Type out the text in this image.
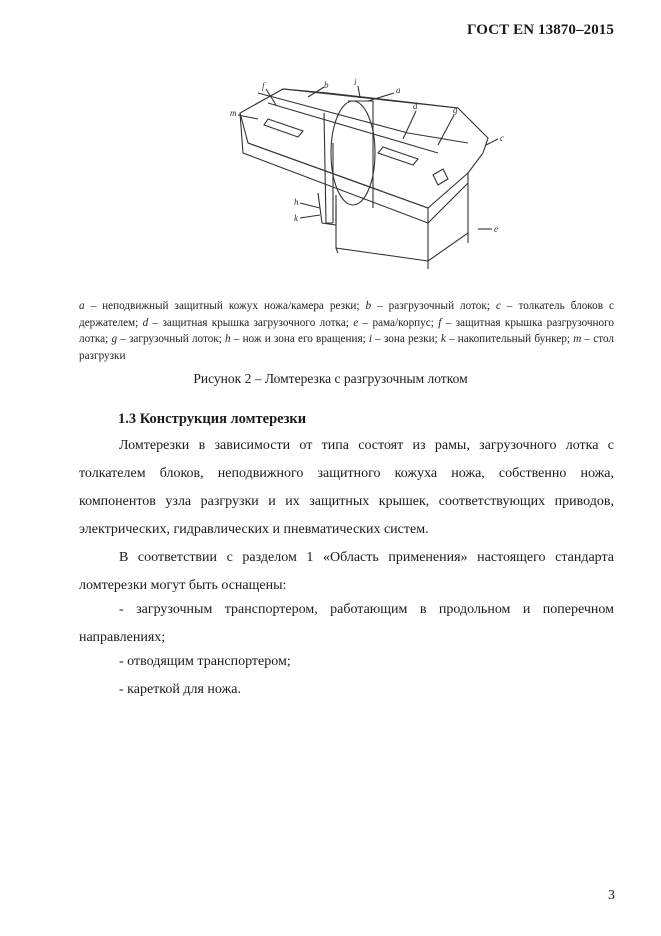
ГОСТ EN 13870–2015
m
f	b	i
a
d	g
c
h
k
e
a – неподвижный защитный кожух ножа/камера резки; b – разгрузочный лоток; c – толкатель блоков с держателем; d – защитная крышка загрузочного лотка; e – рама/корпус; f – защитная крышка разгрузочного лотка; g – загрузочный лоток; h – нож и зона его вращения; i – зона резки; k – накопительный бункер; m – стол разгрузки
Рисунок 2 – Ломтерезка с разгрузочным лотком
1.3 Конструкция ломтерезки

Ломтерезки в зависимости от типа состоят из рамы, загрузочного лотка с толкателем блоков, неподвижного защитного кожуха ножа, собственно ножа, компонентов узла разгрузки и их защитных крышек, соответствующих приводов, электрических, гидравлических и пневматических систем.

В соответствии с разделом 1 «Область применения» настоящего стандарта ломтерезки могут быть оснащены:

- загрузочным транспортером, работающим в продольном и поперечном направлениях;

- отводящим транспортером;

- кареткой для ножа.

3
